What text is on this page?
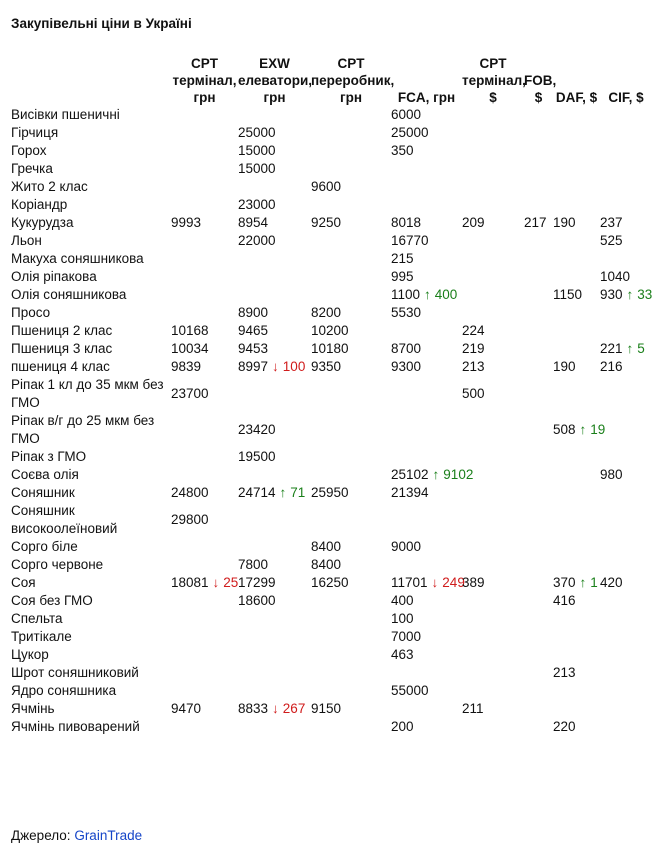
Закупівельні ціни в Україні
	CPT термінал, грн	EXW елеватори, грн	CPT переробник, грн	FCA, грн	CPT термінал, $	FOB, $	DAF, $	CIF, $
Висівки пшеничні				6000				
Гірчиця		25000		25000				
Горох		15000		350				
Гречка		15000						
Жито 2 клас			9600					
Коріандр		23000						
Кукурудза	9993	8954	9250	8018	209	217	190	237
Льон		22000		16770				525
Макуха соняшникова				215				
Олія ріпакова				995				1040
Олія соняшникова				1100 ↑ 400			1150	930 ↑ 33
Просо		8900	8200	5530				
Пшениця 2 клас	10168	9465	10200		224			
Пшениця 3 клас	10034	9453	10180	8700	219			221 ↑ 5
пшениця 4 клас	9839	8997 ↓ 100	9350	9300	213		190	216
Ріпак 1 кл до 35 мкм без ГМО	23700				500			
Ріпак в/г до 25 мкм без ГМО		23420					508 ↑ 19	
Ріпак з ГМО		19500						
Соєва олія				25102 ↑ 9102				980
Соняшник	24800	24714 ↑ 71	25950	21394				
Соняшник високоолеїновий	29800							
Сорго біле			8400	9000				
Сорго червоне		7800	8400					
Соя	18081 ↓ 25	17299	16250	11701 ↓ 249	389		370 ↑ 1	420
Соя без ГМО		18600		400			416	
Спельта				100				
Тритікале				7000				
Цукор				463				
Шрот соняшниковий							213	
Ядро соняшника				55000				
Ячмінь	9470	8833 ↓ 267	9150		211			
Ячмінь пивоварений				200			220	
Джерело: GrainTrade
